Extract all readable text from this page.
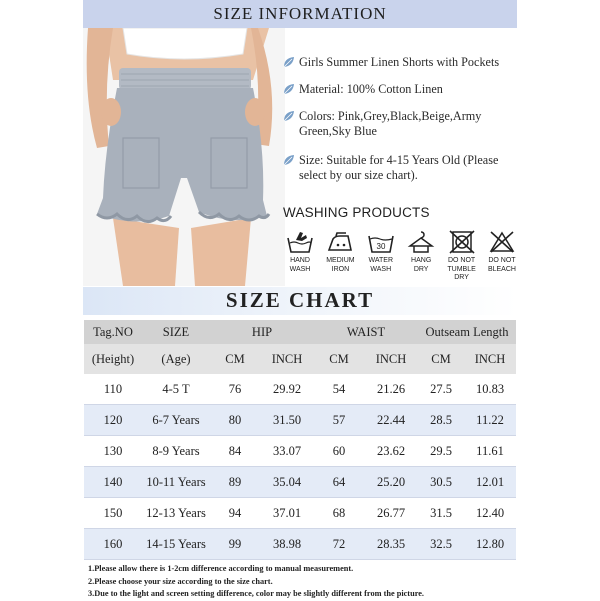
SIZE INFORMATION
Girls Summer Linen Shorts with Pockets
Material: 100% Cotton Linen
Colors: Pink,Grey,Black,Beige,Army Green,Sky Blue
Size: Suitable for 4-15 Years Old (Please select by our size chart).
WASHING PRODUCTS
HAND
WASH
MEDIUM
IRON
30
WATER
WASH
HANG
DRY
DO NOT
TUMBLE
DRY
DO NOT
BLEACH
SIZE CHART
Tag.NO	SIZE	HIP		WAIST		Outseam Length	
(Height)	(Age)	CM	INCH	CM	INCH	CM	INCH
110	4-5 T	76	29.92	54	21.26	27.5	10.83
120	6-7 Years	80	31.50	57	22.44	28.5	11.22
130	8-9 Years	84	33.07	60	23.62	29.5	11.61
140	10-11 Years	89	35.04	64	25.20	30.5	12.01
150	12-13 Years	94	37.01	68	26.77	31.5	12.40
160	14-15 Years	99	38.98	72	28.35	32.5	12.80
1.Please allow there is 1-2cm difference according to manual measurement.
2.Please choose your size according to the size chart.
3.Due to the light and screen setting difference, color may be slightly different from the picture.
